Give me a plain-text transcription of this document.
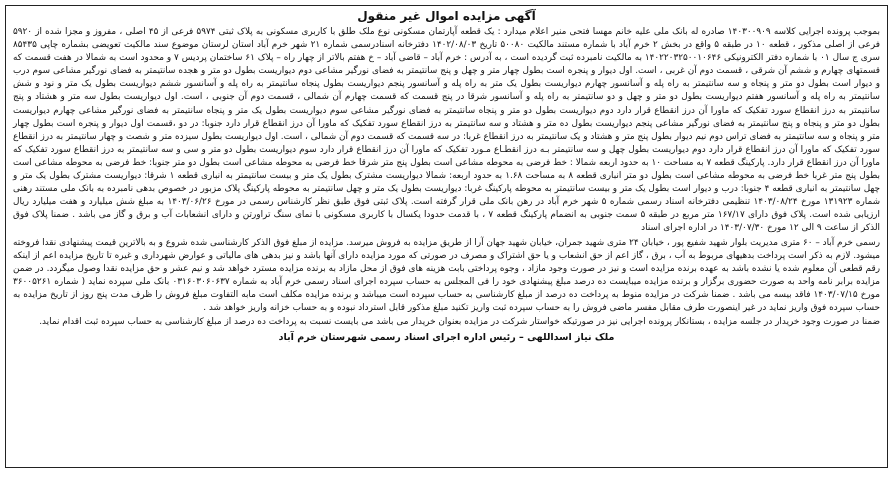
آگهی مزایده اموال غیر منقول

بموجب پرونده اجرایی کلاسه ۱۴۰۳۰۰۹۰۹ صادره له بانک ملی علیه خانم مهسا فتحی منیر اعلام میدارد : یک قطعه آپارتمان مسکونی نوع ملک طلق با کاربری مسکونی به پلاک ثبتی ۵۹۷۴ فرعی از ۴۵ اصلی ، مفروز و مجزا شده از ۵۹۲۰ فرعی از اصلی مذکور ، قطعه ۱۰ در طبقه ۵ واقع در بخش ۲ خرم آباد با شماره مستند مالکیت ۵۰۰۸۰ تاریخ ۱۴۰۲/۰۸/۰۳ دفترخانه اسنادرسمی شماره ۲۱ شهر خرم آباد استان لرستان موضوع سند مالکیت تعویضی بشماره چاپی ۸۵۴۳۵ سری ج سال ۰۱ با شماره دفتر الکترونیکی ۱۴۰۲۲۰۳۲۵۰۰۱۰۶۴۶ به مالکیت نامبرده ثبت گردیده است ، به آدرس : خرم آباد – قاضی آباد – خ هفتم بالاتر از چهار راه – پلاک ۶۱ ساختمان پردیس ۷ و محدود است به شمالا در هفت قسمت که قسمتهای چهارم و ششم آن شرقی ، قسمت دوم آن غربی ، است. اول دیوار و پنجره است بطول چهار متر و چهل و پنج سانتیمتر به فضای نورگیر مشاعی دوم دیواریست بطول دو متر و هجده سانتیمتر به فضای نورگیر مشاعی سوم درب و دیوار است بطول دو متر و پنجاه و سه سانتیمتر به راه پله و آسانسور چهارم دیواریست بطول یک متر به راه پله و آسانسور پنجم دیواریست بطول پنجاه سانتیمتر به راه پله و آسانسور ششم دیواریست بطول یک متر و نود و شش سانتیمتر به راه پله و آسانسور هفتم دیواریست بطول دو متر و چهل و دو سانتیمتر به راه پله و آسانسور شرقا در پنج قسمت که قسمت چهارم آن شمالی ، قسمت دوم آن جنوبی ، است. اول دیواریست بطول سه متر و هشتاد و پنج سانتیمتر به درز انقطاع سورد تفکیک که ماورا آن درز انقطاع قرار دارد دوم دیواریست بطول دو متر و پنجاه سانتیمتر به فضای نورگیر مشاعی سوم دیواریست بطول یک متر و پنجاه سانتیمتر به فضای نورگیر مشاعی چهارم دیواریست بطول دو متر و پنجاه و پنج سانتیمتر به فضای نورگیر مشاعی پنجم دیواریست بطول ده متر و هشتاد و سه سانتیمتر به درز انقطاع سورد تفکیک که ماورا آن درز انقطاع قرار دارد جنوبا: در دو ،قسمت اول دیوار و پنجره است بطول چهار متر و پنجاه و سه سانتیمتر به فضای تراس دوم نیم دیوار بطول پنج متر و هشتاد و یک سانتیمتر به درز انقطاع غربا: در سه قسمت که قسمت دوم آن شمالی ، است. اول دیواریست بطول سیزده متر و شصت و چهار سانتیمتر به درز انقطاع سورد تفکیک که ماورا آن درز انقطاع قرار دارد دوم دیواریست بطول چهل و سه سانتیمتر بـه درز انقطـاع مـورد تفکیک که ماورا آن درز انقطاع قرار دارد سوم دیواریست بطول دو متر و سی و سه سانتیمتر به درز انقطاع سورد تفکیک که ماورا آن درز انقطاع قرار دارد. پارکینگ قطعه ۷ به مساحت ۱۰ به حدود اربعه شمالا : خط فرضی به محوطه مشاعی است بطول پنج متر شرقا خط فرضی به محوطه مشاعی است بطول دو متر جنوبا: خط فرضی به محوطه مشاعی است بطول پنج متر غربا خط فرضی به محوطه مشاعی است بطول دو متر انباری قطعه ۸ به مساحت ۱.۶۸ به حدود اربعه: شمالا دیواریست مشترک بطول یک متر و بیست سانتیمتر به انباری قطعه ۱ شرقا: دیواریست مشترک بطول یک متر و چهل سانتیمتر به انباری قطعه ۴ جنوبا: درب و دیوار است بطول یک متر و بیست سانتیمتر به محوطه پارکینگ غربا: دیواریست بطول یک متر و چهل سانتیمتر به محوطه پارکینگ پلاک مزبور در خصوص بدهی نامبرده به بانک ملی مستند رهنی شماره ۱۳۱۹۲۳ مورخ ۱۴۰۳/۰۸/۲۴ تنظیمی دفترخانه اسناد رسمی شماره ۵ شهر خرم آباد در رهن بانک ملی قرار گرفته است. پلاک ثبتی فوق طبق نظر کارشناس رسمی در مورخ ۱۴۰۳/۰۶/۲۶ به مبلغ شش میلیارد و هفت میلیارد ریال ارزیابی شده است. پلاک فوق دارای ۱۶۷/۱۷ متر مربع در طبقه ۵ سمت جنوبی به انضمام پارکینگ قطعه ۷ ، با قدمت حدودا یکسال با کاربری مسکونی با نمای سنگ تراورتن و دارای انشعابات آب و برق و گاز می باشد . ضمنا پلاک فوق الذکر از ساعت ۹ الی ۱۲ مورخ ۱۴۰۳/۰۷/۳۰ در اداره اجرای اسناد

رسمی خرم آباد – ۶۰ متری مدیریت بلوار شهید شفیع پور ، خیابان ۲۴ متری شهید جمران، خیابان شهید جهان آرا از طریق مزایده به فروش میرسد. مزایده از مبلغ فوق الذکر کارشناسی شده شروع و به بالاترین قیمت پیشنهادی نقدا فروخته میشود. لازم به ذکر است پرداخت بدهیهای مربوط به آب ، برق ، گاز اعم از حق انشعاب و یا حق اشتراک و مصرف در صورتی که مورد مزایده دارای آنها باشد و نیز بدهی های مالیاتی و عوارض شهرداری و غیره تا تاریخ مزایده اعم از اینکه رقم قطعی آن معلوم شده یا نشده باشد به عهده برنده مزایده است و نیز در صورت وجود مازاد ، وجوه پرداختی بابت هزینه های فوق از محل مازاد به برنده مزایده مسترد خواهد شد و نیم عشر و حق مزایده نقدا وصول میگردد. در ضمن مزایده برابر نامه واحد به صورت حضوری برگزار و برنده مزایده میبایست ده درصد مبلغ پیشنهادی خود را فی المجلس به حساب سپرده اجرای اسناد رسمی خرم آباد به شماره ۰۳۱۶۰۳۰۶۰۶۳۷ بانک ملی سپرده نماید ( شماره ۳۶۰۰۵۲۶۱ مورخ ۱۴۰۳/۰۷/۱۵ فاقد بیسه می باشد . ضمنا شرکت در مزایده منوط به پرداخت ده درصد از مبلغ کارشناسی به حساب سپرده است میباشد و برنده مزایده مکلف است مابه التفاوت مبلغ فروش را ظرف مدت پنج روز از تاریخ مزایده به حساب سپرده فوق واریز نماید در غیر اینصورت طرف مقابل مفسر ماضی فروش را به حساب سپرده ثبت واریز تکنید مبلغ مذکور قابل استرداد نبوده و به حساب خزانه واریز خواهد شد .

ضمنا در صورت وجود خریدار در جلسه مزایده ، بستانکار پرونده اجرایی نیز در صورتیکه خواستار شرکت در مزایده بعنوان خریدار می باشد می بایست نسبت به پرداخت ده درصد از مبلغ کارشناسی به حساب سپرده ثبت اقدام نماید.

ملک نیاز اسداللهی – رئیس اداره اجرای اسناد رسمی شهرستان خرم آباد
